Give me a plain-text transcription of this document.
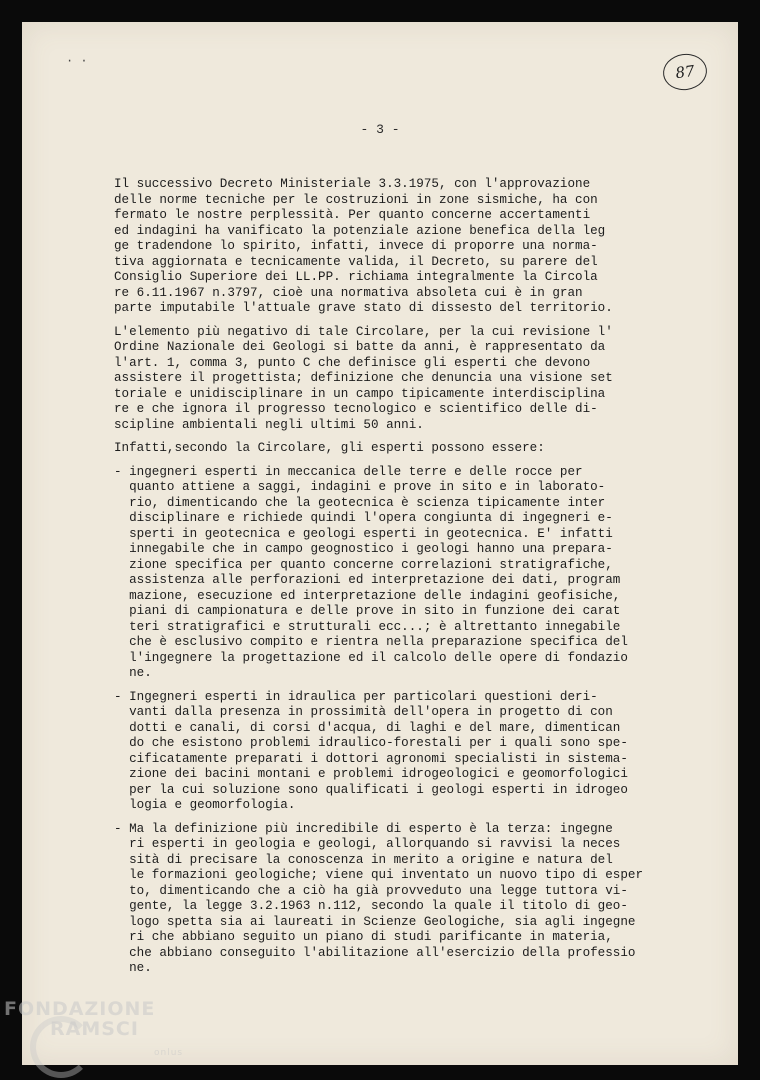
· ·
87
- 3 -

Il successivo Decreto Ministeriale 3.3.1975, con l'approvazione
delle norme tecniche per le costruzioni in zone sismiche, ha con
fermato le nostre perplessità. Per quanto concerne accertamenti
ed indagini ha vanificato la potenziale azione benefica della leg
ge tradendone lo spirito, infatti, invece di proporre una norma-
tiva aggiornata e tecnicamente valida, il Decreto, su parere del
Consiglio Superiore dei LL.PP. richiama integralmente la Circola
re 6.11.1967 n.3797, cioè una normativa absoleta cui è in gran
parte imputabile l'attuale grave stato di dissesto del territorio.

L'elemento più negativo di tale Circolare, per la cui revisione l'
Ordine Nazionale dei Geologi si batte da anni, è rappresentato da
l'art. 1, comma 3, punto C che definisce gli esperti che devono
assistere il progettista; definizione che denuncia una visione set
toriale e unidisciplinare in un campo tipicamente interdisciplina
re e che ignora il progresso tecnologico e scientifico delle di-
scipline ambientali negli ultimi 50 anni.

Infatti,secondo la Circolare, gli esperti possono essere:

- ingegneri esperti in meccanica delle terre e delle rocce per
quanto attiene a saggi, indagini e prove in sito e in laborato-
rio, dimenticando che la geotecnica è scienza tipicamente inter
disciplinare e richiede quindi l'opera congiunta di ingegneri e-
sperti in geotecnica e geologi esperti in geotecnica. E' infatti
innegabile che in campo geognostico i geologi hanno una prepara-
zione specifica per quanto concerne correlazioni stratigrafiche,
assistenza alle perforazioni ed interpretazione dei dati, program
mazione, esecuzione ed interpretazione delle indagini geofisiche,
piani di campionatura e delle prove in sito in funzione dei carat
teri stratigrafici e strutturali ecc...; è altrettanto innegabile
che è esclusivo compito e rientra nella preparazione specifica del
l'ingegnere la progettazione ed il calcolo delle opere di fondazio
ne.
- Ingegneri esperti in idraulica per particolari questioni deri-
vanti dalla presenza in prossimità dell'opera in progetto di con
dotti e canali, di corsi d'acqua, di laghi e del mare, dimentican
do che esistono problemi idraulico-forestali per i quali sono spe-
cificatamente preparati i dottori agronomi specialisti in sistema-
zione dei bacini montani e problemi idrogeologici e geomorfologici
per la cui soluzione sono qualificati i geologi esperti in idrogeo
logia e geomorfologia.
- Ma la definizione più incredibile di esperto è la terza: ingegne
ri esperti in geologia e geologi, allorquando si ravvisi la neces
sità di precisare la conoscenza in merito a origine e natura del
le formazioni geologiche; viene qui inventato un nuovo tipo di esper
to, dimenticando che a ciò ha già provveduto una legge tuttora vi-
gente, la legge 3.2.1963 n.112, secondo la quale il titolo di geo-
logo spetta sia ai laureati in Scienze Geologiche, sia agli ingegne
ri che abbiano seguito un piano di studi parificante in materia,
che abbiano conseguito l'abilitazione all'esercizio della professio
ne.
FONDAZIONE
RAMSCI
onlus
